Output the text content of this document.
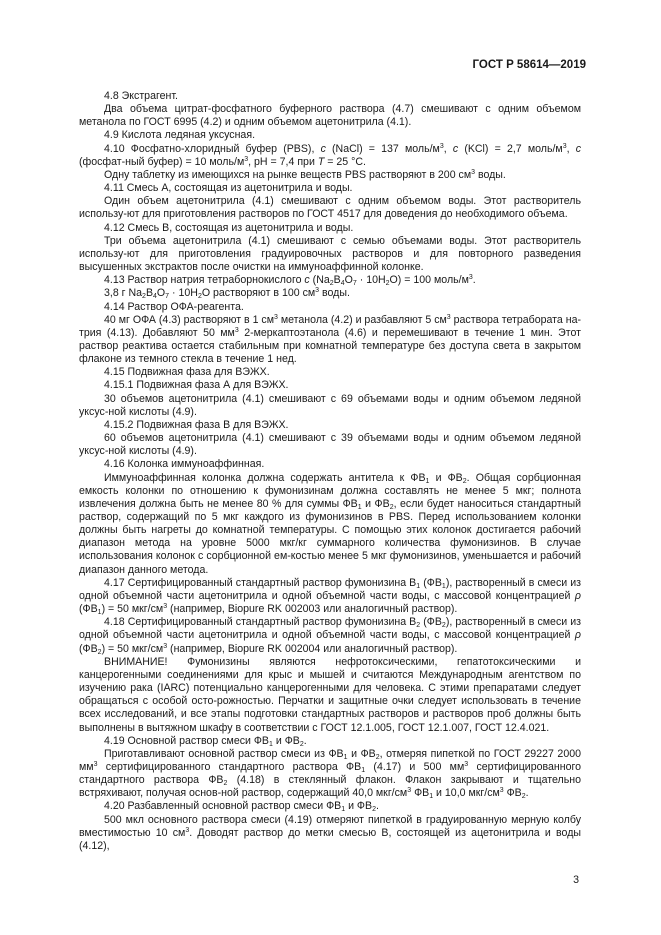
ГОСТ Р 58614—2019

4.8 Экстрагент.

Два объема цитрат-фосфатного буферного раствора (4.7) смешивают с одним объемом метанола по ГОСТ 6995 (4.2) и одним объемом ацетонитрила (4.1).

4.9 Кислота ледяная уксусная.

4.10 Фосфатно-хлоридный буфер (PBS), c (NaCl) = 137 моль/$м^3$, c (KCl) = 2,7 моль/$м^3$, c (фосфат-ный буфер) = 10 моль/$м^3$, pH = 7,4 при T = 25 °C.

Одну таблетку из имеющихся на рынке веществ PBS растворяют в 200 $см^3$ воды.

4.11 Смесь А, состоящая из ацетонитрила и воды.

Один объем ацетонитрила (4.1) смешивают с одним объемом воды. Этот растворитель использу-ют для приготовления растворов по ГОСТ 4517 для доведения до необходимого объема.

4.12 Смесь В, состоящая из ацетонитрила и воды.

Три объема ацетонитрила (4.1) смешивают с семью объемами воды. Этот растворитель использу-ют для приготовления градуировочных растворов и для повторного разведения высушенных экстрактов после очистки на иммуноаффинной колонке.

4.13 Раствор натрия тетраборнокислого c $(Na_2B_4O_7 \cdot 10H_2O) = 100$ моль/$м^3$.

3,8 г $Na_2B_4O_7 \cdot 10H_2O$ растворяют в 100 $см^3$ воды.

4.14 Раствор ОФА-реагента.

40 мг ОФА (4.3) растворяют в 1 $см^3$ метанола (4.2) и разбавляют 5 $см^3$ раствора тетрабората на-трия (4.13). Добавляют 50 $мм^3$ 2-меркаптоэтанола (4.6) и перемешивают в течение 1 мин. Этот раствор реактива остается стабильным при комнатной температуре без доступа света в закрытом флаконе из темного стекла в течение 1 нед.

4.15 Подвижная фаза для ВЭЖХ.

4.15.1 Подвижная фаза А для ВЭЖХ.

30 объемов ацетонитрила (4.1) смешивают с 69 объемами воды и одним объемом ледяной уксус-ной кислоты (4.9).

4.15.2 Подвижная фаза В для ВЭЖХ.

60 объемов ацетонитрила (4.1) смешивают с 39 объемами воды и одним объемом ледяной уксус-ной кислоты (4.9).

4.16 Колонка иммуноаффинная.

Иммуноаффинная колонка должна содержать антитела к $ФВ_1$ и $ФВ_2$. Общая сорбционная емкость колонки по отношению к фумонизинам должна составлять не менее 5 мкг; полнота извлечения должна быть не менее 80 % для суммы $ФВ_1$ и $ФВ_2$, если будет наноситься стандартный раствор, содержащий по 5 мкг каждого из фумонизинов в PBS. Перед использованием колонки должны быть нагреты до комнатной температуры. С помощью этих колонок достигается рабочий диапазон метода на уровне 5000 мкг/кг суммарного количества фумонизинов. В случае использования колонок с сорбционной ем-костью менее 5 мкг фумонизинов, уменьшается и рабочий диапазон данного метода.

4.17 Сертифицированный стандартный раствор фумонизина $B_1$ $(ФВ_1)$, растворенный в смеси из одной объемной части ацетонитрила и одной объемной части воды, с массовой концентрацией ρ $(ФВ_1) = 50$ мкг/$см^3$ (например, Biopure RK 002003 или аналогичный раствор).

4.18 Сертифицированный стандартный раствор фумонизина $B_2$ $(ФВ_2)$, растворенный в смеси из одной объемной части ацетонитрила и одной объемной части воды, с массовой концентрацией ρ $(ФВ_2) = 50$ мкг/$см^3$ (например, Biopure RK 002004 или аналогичный раствор).

ВНИМАНИЕ! Фумонизины являются нефротоксическими, гепатотоксическими и канцерогенными соединениями для крыс и мышей и считаются Международным агентством по изучению рака (IARC) потенциально канцерогенными для человека. С этими препаратами следует обращаться с особой осто-рожностью. Перчатки и защитные очки следует использовать в течение всех исследований, и все этапы подготовки стандартных растворов и растворов проб должны быть выполнены в вытяжном шкафу в соответствии с ГОСТ 12.1.005, ГОСТ 12.1.007, ГОСТ 12.4.021.

4.19 Основной раствор смеси $ФВ_1$ и $ФВ_2$.

Приготавливают основной раствор смеси из $ФВ_1$ и $ФВ_2$, отмеряя пипеткой по ГОСТ 29227 2000 $мм^3$ сертифицированного стандартного раствора $ФВ_1$ (4.17) и 500 $мм^3$ сертифицированного стандартного раствора $ФВ_2$ (4.18) в стеклянный флакон. Флакон закрывают и тщательно встряхивают, получая основ-ной раствор, содержащий 40,0 мкг/$см^3$ $ФВ_1$ и 10,0 мкг/$см^3$ $ФВ_2$.

4.20 Разбавленный основной раствор смеси $ФВ_1$ и $ФВ_2$.

500 мкл основного раствора смеси (4.19) отмеряют пипеткой в градуированную мерную колбу вместимостью 10 $см^3$. Доводят раствор до метки смесью В, состоящей из ацетонитрила и воды (4.12),

3
